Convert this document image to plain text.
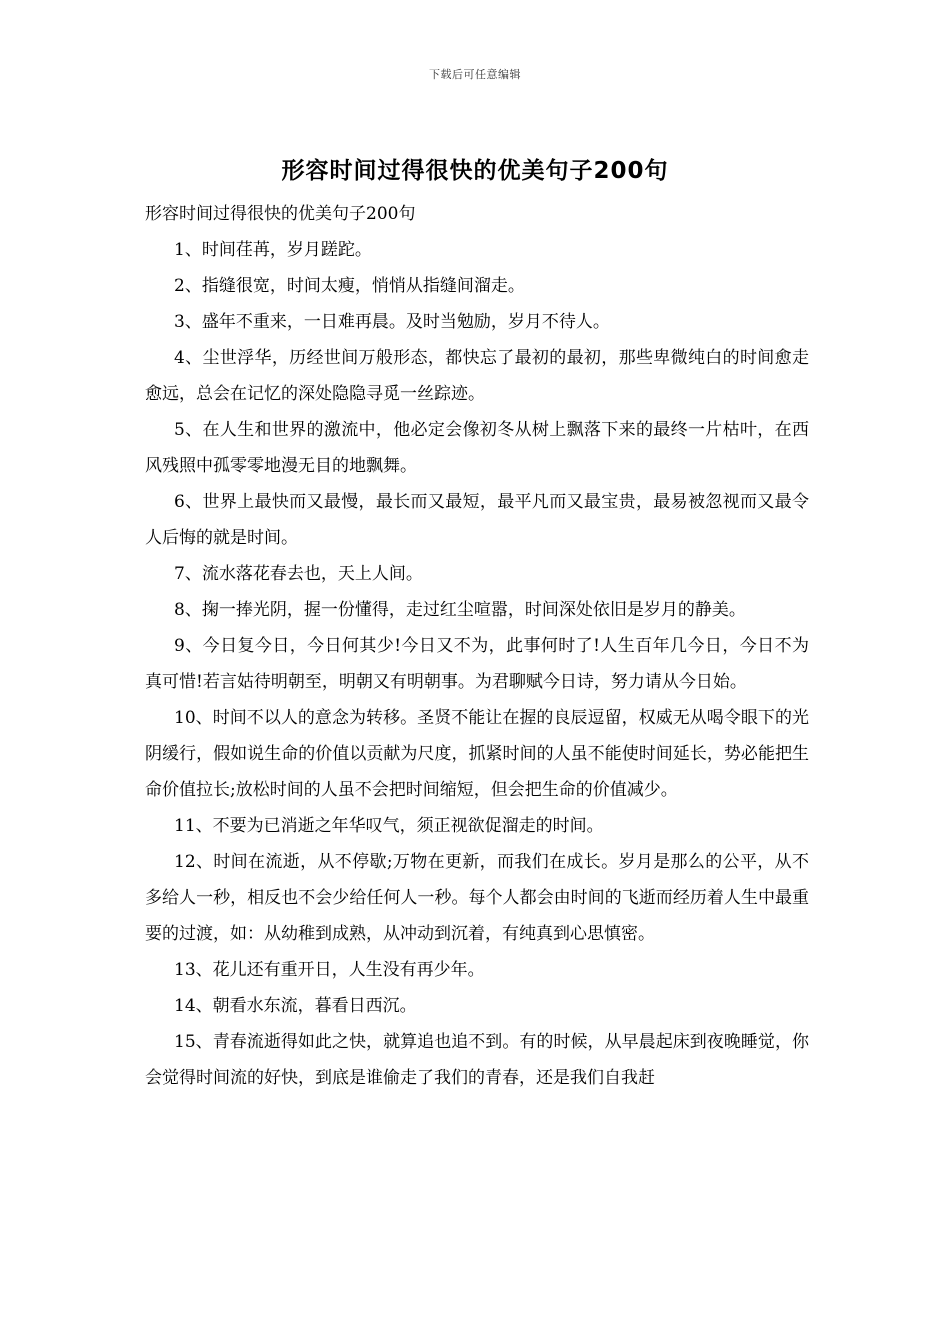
下载后可任意编辑
形容时间过得很快的优美句子200句

形容时间过得很快的优美句子200句

1、时间荏苒，岁月蹉跎。

2、指缝很宽，时间太瘦，悄悄从指缝间溜走。

3、盛年不重来，一日难再晨。及时当勉励，岁月不待人。

4、尘世浮华，历经世间万般形态，都快忘了最初的最初，那些卑微纯白的时间愈走愈远，总会在记忆的深处隐隐寻觅一丝踪迹。

5、在人生和世界的激流中，他必定会像初冬从树上飘落下来的最终一片枯叶，在西风残照中孤零零地漫无目的地飘舞。

6、世界上最快而又最慢，最长而又最短，最平凡而又最宝贵，最易被忽视而又最令人后悔的就是时间。

7、流水落花春去也，天上人间。

8、掬一捧光阴，握一份懂得，走过红尘喧嚣，时间深处依旧是岁月的静美。

9、今日复今日，今日何其少!今日又不为，此事何时了!人生百年几今日，今日不为真可惜!若言姑待明朝至，明朝又有明朝事。为君聊赋今日诗，努力请从今日始。

10、时间不以人的意念为转移。圣贤不能让在握的良辰逗留，权威无从喝令眼下的光阴缓行，假如说生命的价值以贡献为尺度，抓紧时间的人虽不能使时间延长，势必能把生命价值拉长;放松时间的人虽不会把时间缩短，但会把生命的价值减少。

11、不要为已消逝之年华叹气，须正视欲促溜走的时间。

12、时间在流逝，从不停歇;万物在更新，而我们在成长。岁月是那么的公平，从不多给人一秒，相反也不会少给任何人一秒。每个人都会由时间的飞逝而经历着人生中最重要的过渡，如：从幼稚到成熟，从冲动到沉着，有纯真到心思慎密。

13、花儿还有重开日，人生没有再少年。

14、朝看水东流，暮看日西沉。

15、青春流逝得如此之快，就算追也追不到。有的时候，从早晨起床到夜晚睡觉，你会觉得时间流的好快，到底是谁偷走了我们的青春，还是我们自我赶
